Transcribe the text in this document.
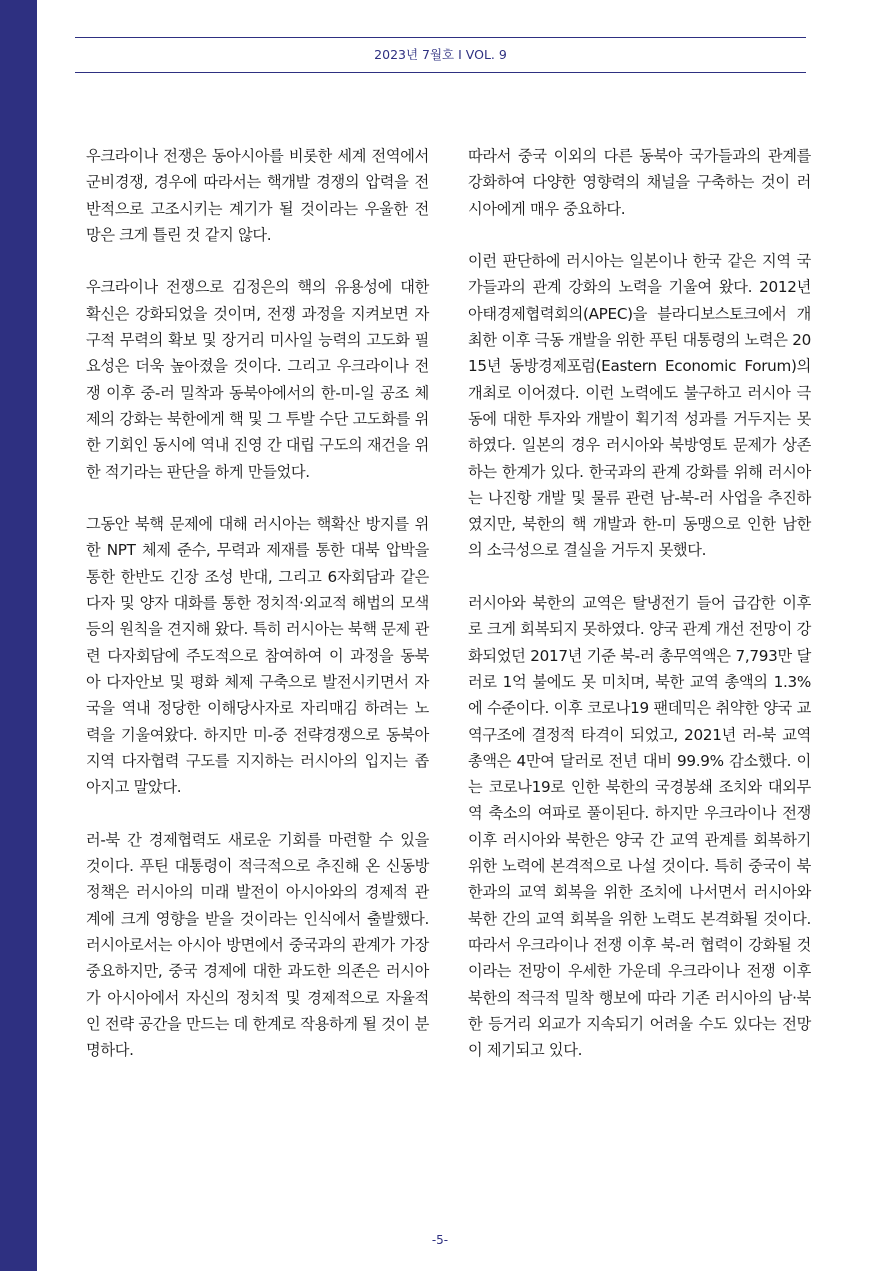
2023년 7월호 I VOL. 9

우크라이나 전쟁은 동아시아를 비롯한 세계 전역에서 군비경쟁, 경우에 따라서는 핵개발 경쟁의 압력을 전반적으로 고조시키는 계기가 될 것이라는 우울한 전망은 크게 틀린 것 같지 않다.

우크라이나 전쟁으로 김정은의 핵의 유용성에 대한 확신은 강화되었을 것이며, 전쟁 과정을 지켜보면 자구적 무력의 확보 및 장거리 미사일 능력의 고도화 필요성은 더욱 높아졌을 것이다. 그리고 우크라이나 전쟁 이후 중-러 밀착과 동북아에서의 한-미-일 공조 체제의 강화는 북한에게 핵 및 그 투발 수단 고도화를 위한 기회인 동시에 역내 진영 간 대립 구도의 재건을 위한 적기라는 판단을 하게 만들었다.

그동안 북핵 문제에 대해 러시아는 핵확산 방지를 위한 NPT 체제 준수, 무력과 제재를 통한 대북 압박을 통한 한반도 긴장 조성 반대, 그리고 6자회담과 같은 다자 및 양자 대화를 통한 정치적·외교적 해법의 모색 등의 원칙을 견지해 왔다. 특히 러시아는 북핵 문제 관련 다자회담에 주도적으로 참여하여 이 과정을 동북아 다자안보 및 평화 체제 구축으로 발전시키면서 자국을 역내 정당한 이해당사자로 자리매김 하려는 노력을 기울여왔다. 하지만 미-중 전략경쟁으로 동북아 지역 다자협력 구도를 지지하는 러시아의 입지는 좁아지고 말았다.

러-북 간 경제협력도 새로운 기회를 마련할 수 있을 것이다. 푸틴 대통령이 적극적으로 추진해 온 신동방정책은 러시아의 미래 발전이 아시아와의 경제적 관계에 크게 영향을 받을 것이라는 인식에서 출발했다. 러시아로서는 아시아 방면에서 중국과의 관계가 가장 중요하지만, 중국 경제에 대한 과도한 의존은 러시아가 아시아에서 자신의 정치적 및 경제적으로 자율적인 전략 공간을 만드는 데 한계로 작용하게 될 것이 분명하다.

따라서 중국 이외의 다른 동북아 국가들과의 관계를 강화하여 다양한 영향력의 채널을 구축하는 것이 러시아에게 매우 중요하다.

이런 판단하에 러시아는 일본이나 한국 같은 지역 국가들과의 관계 강화의 노력을 기울여 왔다. 2012년 아태경제협력회의(APEC)을 블라디보스토크에서 개최한 이후 극동 개발을 위한 푸틴 대통령의 노력은 2015년 동방경제포럼(Eastern Economic Forum)의 개최로 이어졌다. 이런 노력에도 불구하고 러시아 극동에 대한 투자와 개발이 획기적 성과를 거두지는 못하였다. 일본의 경우 러시아와 북방영토 문제가 상존하는 한계가 있다. 한국과의 관계 강화를 위해 러시아는 나진항 개발 및 물류 관련 남-북-러 사업을 추진하였지만, 북한의 핵 개발과 한-미 동맹으로 인한 남한의 소극성으로 결실을 거두지 못했다.

러시아와 북한의 교역은 탈냉전기 들어 급감한 이후로 크게 회복되지 못하였다. 양국 관계 개선 전망이 강화되었던 2017년 기준 북-러 총무역액은 7,793만 달러로 1억 불에도 못 미치며, 북한 교역 총액의 1.3%에 수준이다. 이후 코로나19 팬데믹은 취약한 양국 교역구조에 결정적 타격이 되었고, 2021년 러-북 교역 총액은 4만여 달러로 전년 대비 99.9% 감소했다. 이는 코로나19로 인한 북한의 국경봉쇄 조치와 대외무역 축소의 여파로 풀이된다. 하지만 우크라이나 전쟁 이후 러시아와 북한은 양국 간 교역 관계를 회복하기 위한 노력에 본격적으로 나설 것이다. 특히 중국이 북한과의 교역 회복을 위한 조치에 나서면서 러시아와 북한 간의 교역 회복을 위한 노력도 본격화될 것이다. 따라서 우크라이나 전쟁 이후 북-러 협력이 강화될 것이라는 전망이 우세한 가운데 우크라이나 전쟁 이후 북한의 적극적 밀착 행보에 따라 기존 러시아의 남·북한 등거리 외교가 지속되기 어려울 수도 있다는 전망이 제기되고 있다.

-5-
